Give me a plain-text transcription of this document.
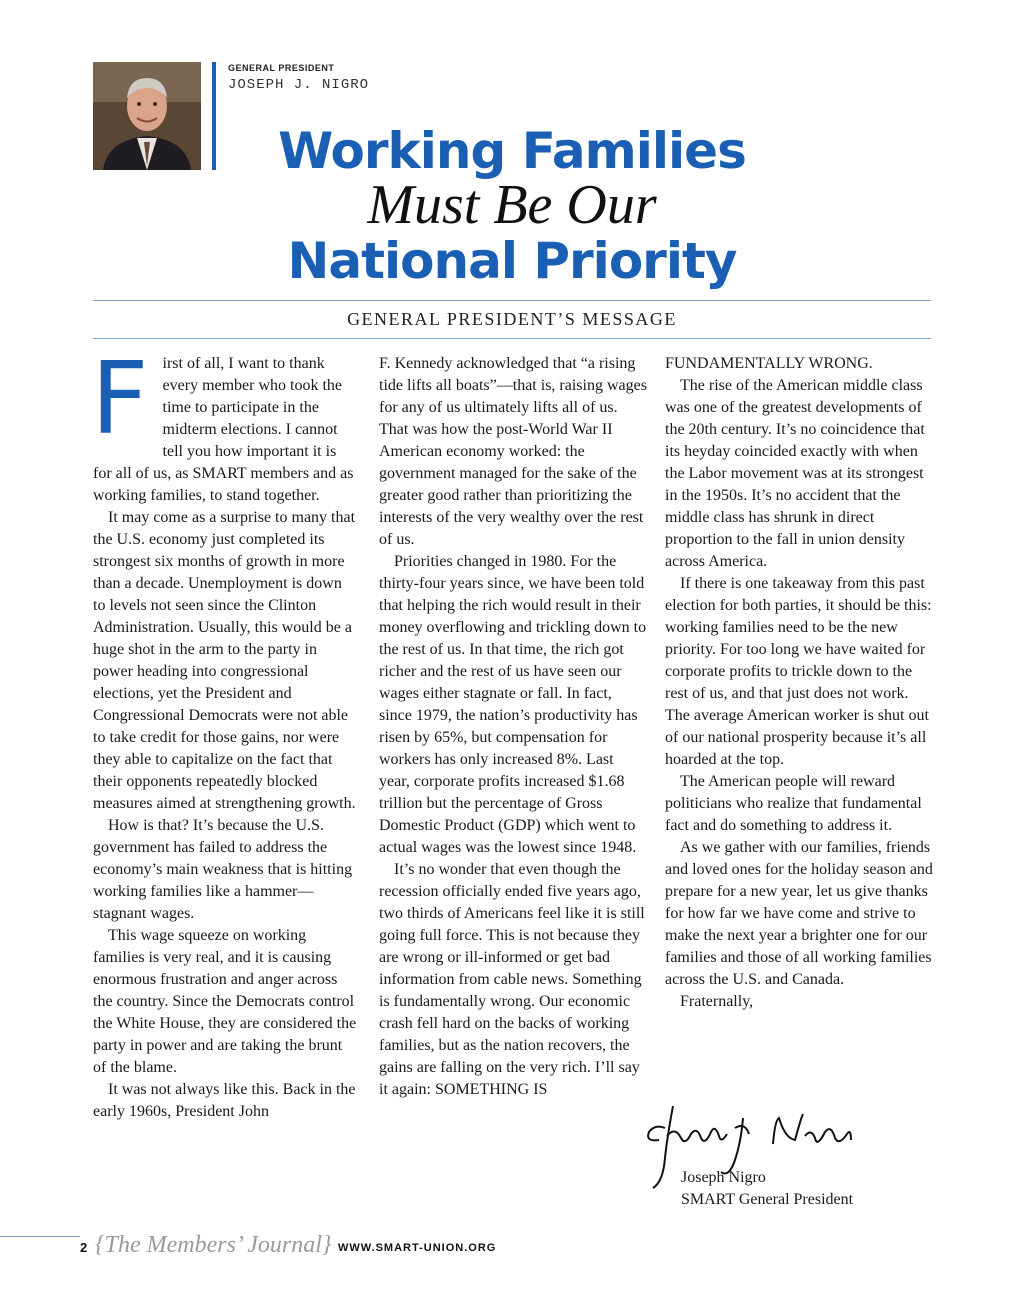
GENERAL PRESIDENT
JOSEPH J. NIGRO
Working Families
Must Be Our
National Priority
GENERAL PRESIDENT’S MESSAGE

First of all, I want to thank every member who took the time to participate in the midterm elections. I cannot tell you how important it is for all of us, as SMART members and as working families, to stand together.

It may come as a surprise to many that the U.S. economy just completed its strongest six months of growth in more than a decade. Unemployment is down to levels not seen since the Clinton Administration. Usually, this would be a huge shot in the arm to the party in power heading into congressional elections, yet the President and Congressional Democrats were not able to take credit for those gains, nor were they able to capitalize on the fact that their opponents repeatedly blocked measures aimed at strengthening growth.

How is that? It’s because the U.S. government has failed to address the economy’s main weakness that is hitting working families like a hammer—stagnant wages.

This wage squeeze on working families is very real, and it is causing enormous frustration and anger across the country. Since the Democrats control the White House, they are considered the party in power and are taking the brunt of the blame.

It was not always like this. Back in the early 1960s, President John

F. Kennedy acknowledged that “a rising tide lifts all boats”—that is, raising wages for any of us ultimately lifts all of us. That was how the post-World War II American economy worked: the government managed for the sake of the greater good rather than prioritizing the interests of the very wealthy over the rest of us.

Priorities changed in 1980. For the thirty-four years since, we have been told that helping the rich would result in their money overflowing and trickling down to the rest of us. In that time, the rich got richer and the rest of us have seen our wages either stagnate or fall. In fact, since 1979, the nation’s productivity has risen by 65%, but compensation for workers has only increased 8%. Last year, corporate profits increased $1.68 trillion but the percentage of Gross Domestic Product (GDP) which went to actual wages was the lowest since 1948.

It’s no wonder that even though the recession officially ended five years ago, two thirds of Americans feel like it is still going full force. This is not because they are wrong or ill-informed or get bad information from cable news. Something is fundamentally wrong. Our economic crash fell hard on the backs of working families, but as the nation recovers, the gains are falling on the very rich. I’ll say it again: SOMETHING IS

FUNDAMENTALLY WRONG.

The rise of the American middle class was one of the greatest developments of the 20th century. It’s no coincidence that its heyday coincided exactly with when the Labor movement was at its strongest in the 1950s. It’s no accident that the middle class has shrunk in direct proportion to the fall in union density across America.

If there is one takeaway from this past election for both parties, it should be this: working families need to be the new priority. For too long we have waited for corporate profits to trickle down to the rest of us, and that just does not work. The average American worker is shut out of our national prosperity because it’s all hoarded at the top.

The American people will reward politicians who realize that fundamental fact and do something to address it.

As we gather with our families, friends and loved ones for the holiday season and prepare for a new year, let us give thanks for how far we have come and strive to make the next year a brighter one for our families and those of all working families across the U.S. and Canada.

Fraternally,

Joseph Nigro
SMART General President
2 {The Members’ Journal} WWW.SMART-UNION.ORG
